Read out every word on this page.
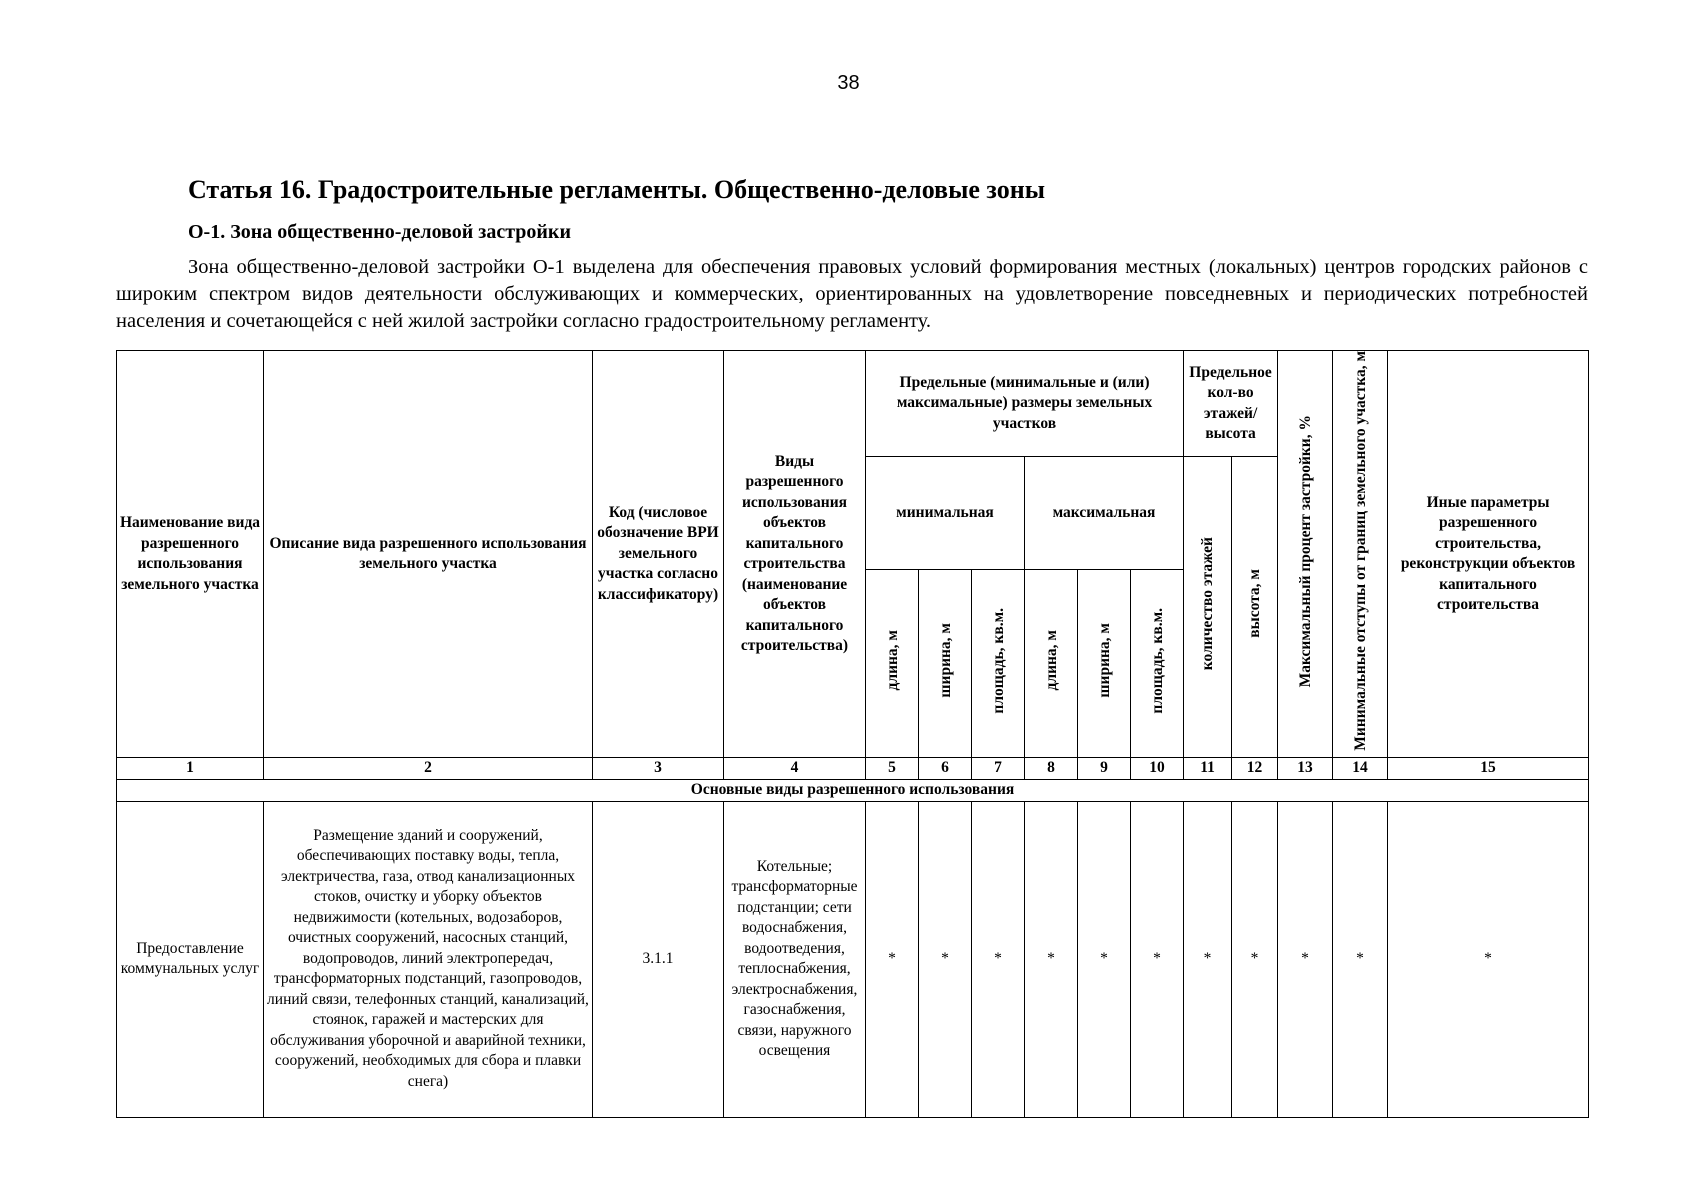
38
Статья 16. Градостроительные регламенты. Общественно-деловые зоны
О-1. Зона общественно-деловой застройки

Зона общественно-деловой застройки О-1 выделена для обеспечения правовых условий формирования местных (локальных) центров городских районов с широким спектром видов деятельности обслуживающих и коммерческих, ориентированных на удовлетворение повседневных и периодических потребностей населения и сочетающейся с ней жилой застройки согласно градостроительному регламенту.

Наименование вида разрешенного использования земельного участка	Описание вида разрешенного использования земельного участка	Код (числовое обозначение ВРИ земельного участка согласно классификатору)	Виды разрешенного использования объектов капитального строительства (наименование объектов капитального строительства)	Предельные (минимальные и (или) максимальные) размеры земельных участков						Предельное кол-во этажей/ высота		Максимальный процент застройки, %	Минимальные отступы от границ земельного участка, м	Иные параметры разрешенного строительства, реконструкции объектов капитального строительства
				минимальная			максимальная			количество этажей	высота, м			
				длина, м	ширина, м	площадь, кв.м.	длина, м	ширина, м	площадь, кв.м.					
1	2	3	4	5	6	7	8	9	10	11	12	13	14	15
Основные виды разрешенного использования														
Предоставление коммунальных услуг	Размещение зданий и сооружений, обеспечивающих поставку воды, тепла, электричества, газа, отвод канализационных стоков, очистку и уборку объектов недвижимости (котельных, водозаборов, очистных сооружений, насосных станций, водопроводов, линий электропередач, трансформаторных подстанций, газопроводов, линий связи, телефонных станций, канализаций, стоянок, гаражей и мастерских для обслуживания уборочной и аварийной техники, сооружений, необходимых для сбора и плавки снега)	3.1.1	Котельные; трансформаторные подстанции; сети водоснабжения, водоотведения, теплоснабжения, электроснабжения, газоснабжения, связи, наружного освещения	*	*	*	*	*	*	*	*	*	*	*
